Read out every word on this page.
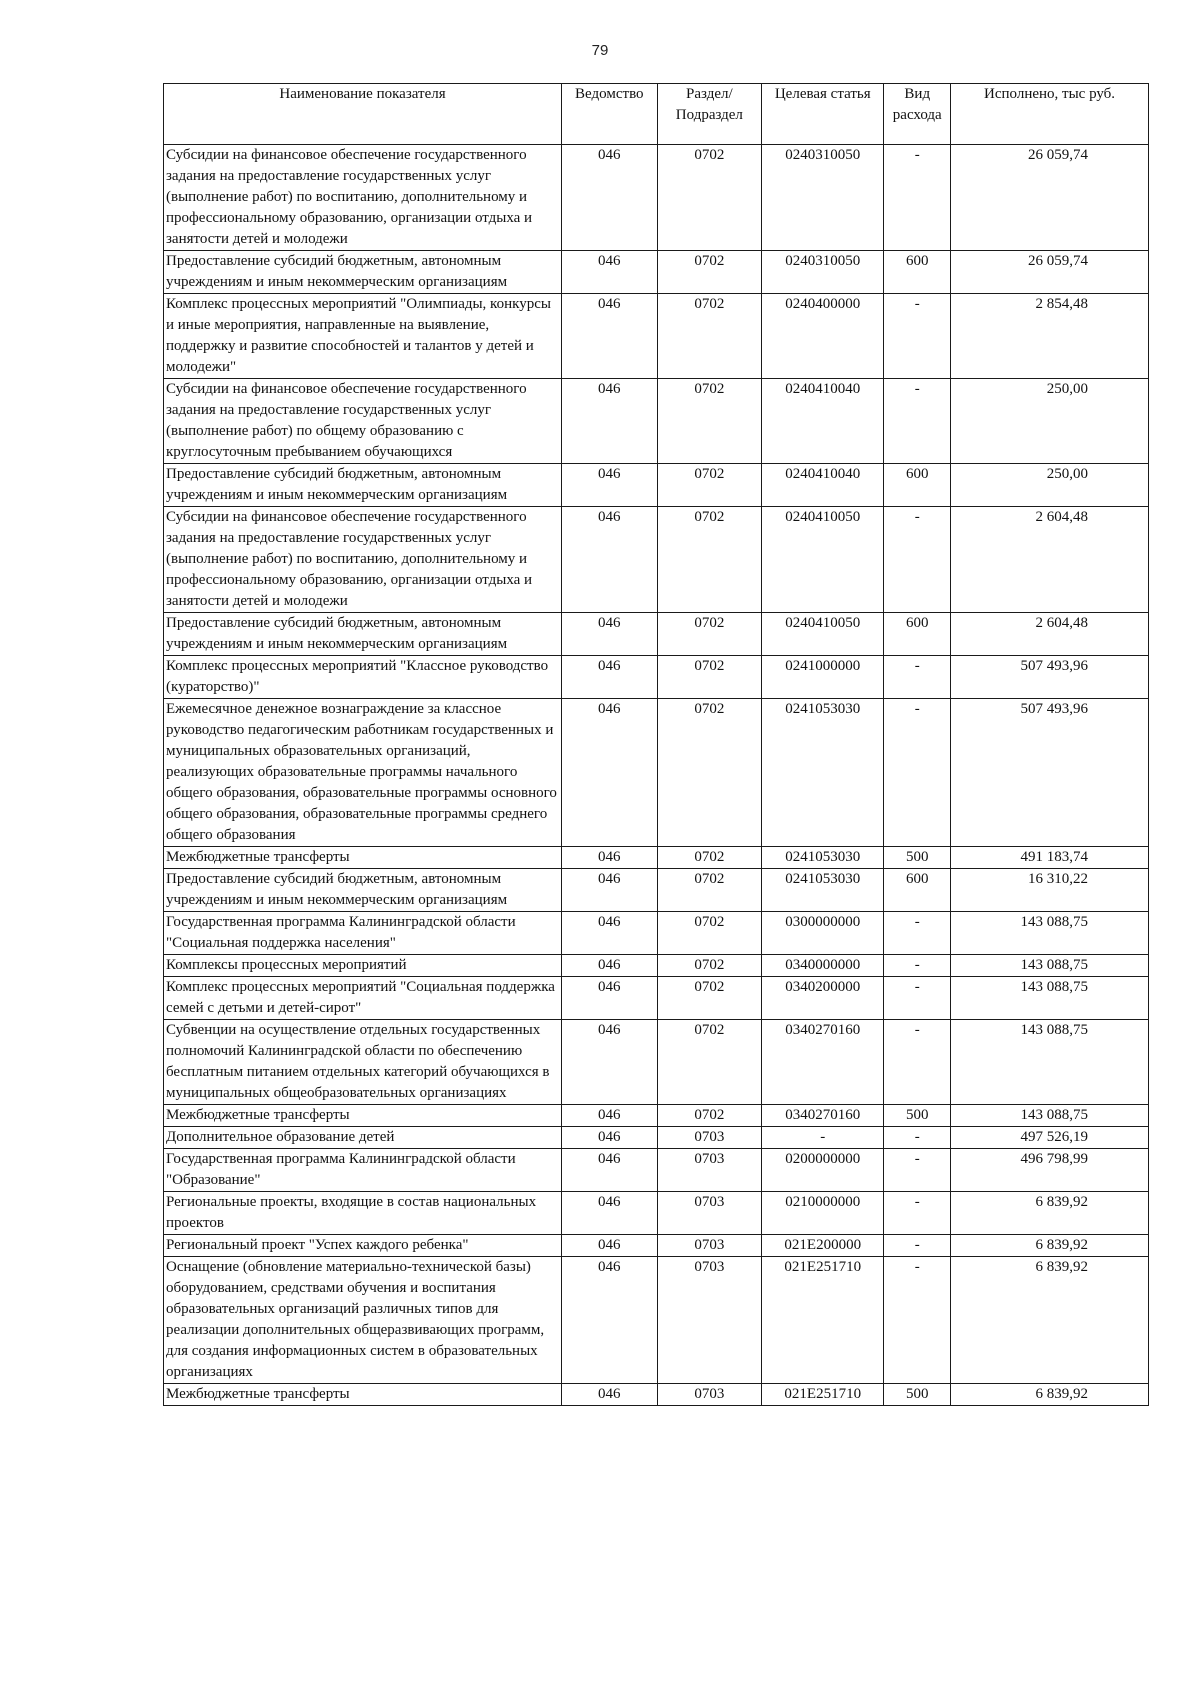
79
Наименование показателя	Ведомство	Раздел/ Подраздел	Целевая статья	Вид расхода	Исполнено, тыс руб.
Субсидии на финансовое обеспечение государственного задания на предоставление государственных услуг (выполнение работ) по воспитанию, дополнительному и профессиональному образованию, организации отдыха и занятости детей и молодежи	046	0702	0240310050	-	26 059,74
Предоставление субсидий бюджетным, автономным учреждениям и иным некоммерческим организациям	046	0702	0240310050	600	26 059,74
Комплекс процессных мероприятий "Олимпиады, конкурсы и иные мероприятия, направленные на выявление, поддержку и развитие способностей и талантов у детей и молодежи"	046	0702	0240400000	-	2 854,48
Субсидии на финансовое обеспечение государственного задания на предоставление государственных услуг (выполнение работ) по общему образованию с круглосуточным пребыванием обучающихся	046	0702	0240410040	-	250,00
Предоставление субсидий бюджетным, автономным учреждениям и иным некоммерческим организациям	046	0702	0240410040	600	250,00
Субсидии на финансовое обеспечение государственного задания на предоставление государственных услуг (выполнение работ) по воспитанию, дополнительному и профессиональному образованию, организации отдыха и занятости детей и молодежи	046	0702	0240410050	-	2 604,48
Предоставление субсидий бюджетным, автономным учреждениям и иным некоммерческим организациям	046	0702	0240410050	600	2 604,48
Комплекс процессных мероприятий "Классное руководство (кураторство)"	046	0702	0241000000	-	507 493,96
Ежемесячное денежное вознаграждение за классное руководство педагогическим работникам государственных и муниципальных образовательных организаций, реализующих образовательные программы начального общего образования, образовательные программы основного общего образования, образовательные программы среднего общего образования	046	0702	0241053030	-	507 493,96
Межбюджетные трансферты	046	0702	0241053030	500	491 183,74
Предоставление субсидий бюджетным, автономным учреждениям и иным некоммерческим организациям	046	0702	0241053030	600	16 310,22
Государственная программа Калининградской области "Социальная поддержка населения"	046	0702	0300000000	-	143 088,75
Комплексы процессных мероприятий	046	0702	0340000000	-	143 088,75
Комплекс процессных мероприятий "Социальная поддержка семей с детьми и детей-сирот"	046	0702	0340200000	-	143 088,75
Субвенции на осуществление отдельных государственных полномочий Калининградской области по обеспечению бесплатным питанием отдельных категорий обучающихся в муниципальных общеобразовательных организациях	046	0702	0340270160	-	143 088,75
Межбюджетные трансферты	046	0702	0340270160	500	143 088,75
Дополнительное образование детей	046	0703	-	-	497 526,19
Государственная программа Калининградской области "Образование"	046	0703	0200000000	-	496 798,99
Региональные проекты, входящие в состав национальных проектов	046	0703	0210000000	-	6 839,92
Региональный проект "Успех каждого ребенка"	046	0703	021Е200000	-	6 839,92
Оснащение (обновление материально-технической базы) оборудованием, средствами обучения и воспитания образовательных организаций различных типов для реализации дополнительных общеразвивающих программ, для создания информационных систем в образовательных организациях	046	0703	021Е251710	-	6 839,92
Межбюджетные трансферты	046	0703	021Е251710	500	6 839,92
